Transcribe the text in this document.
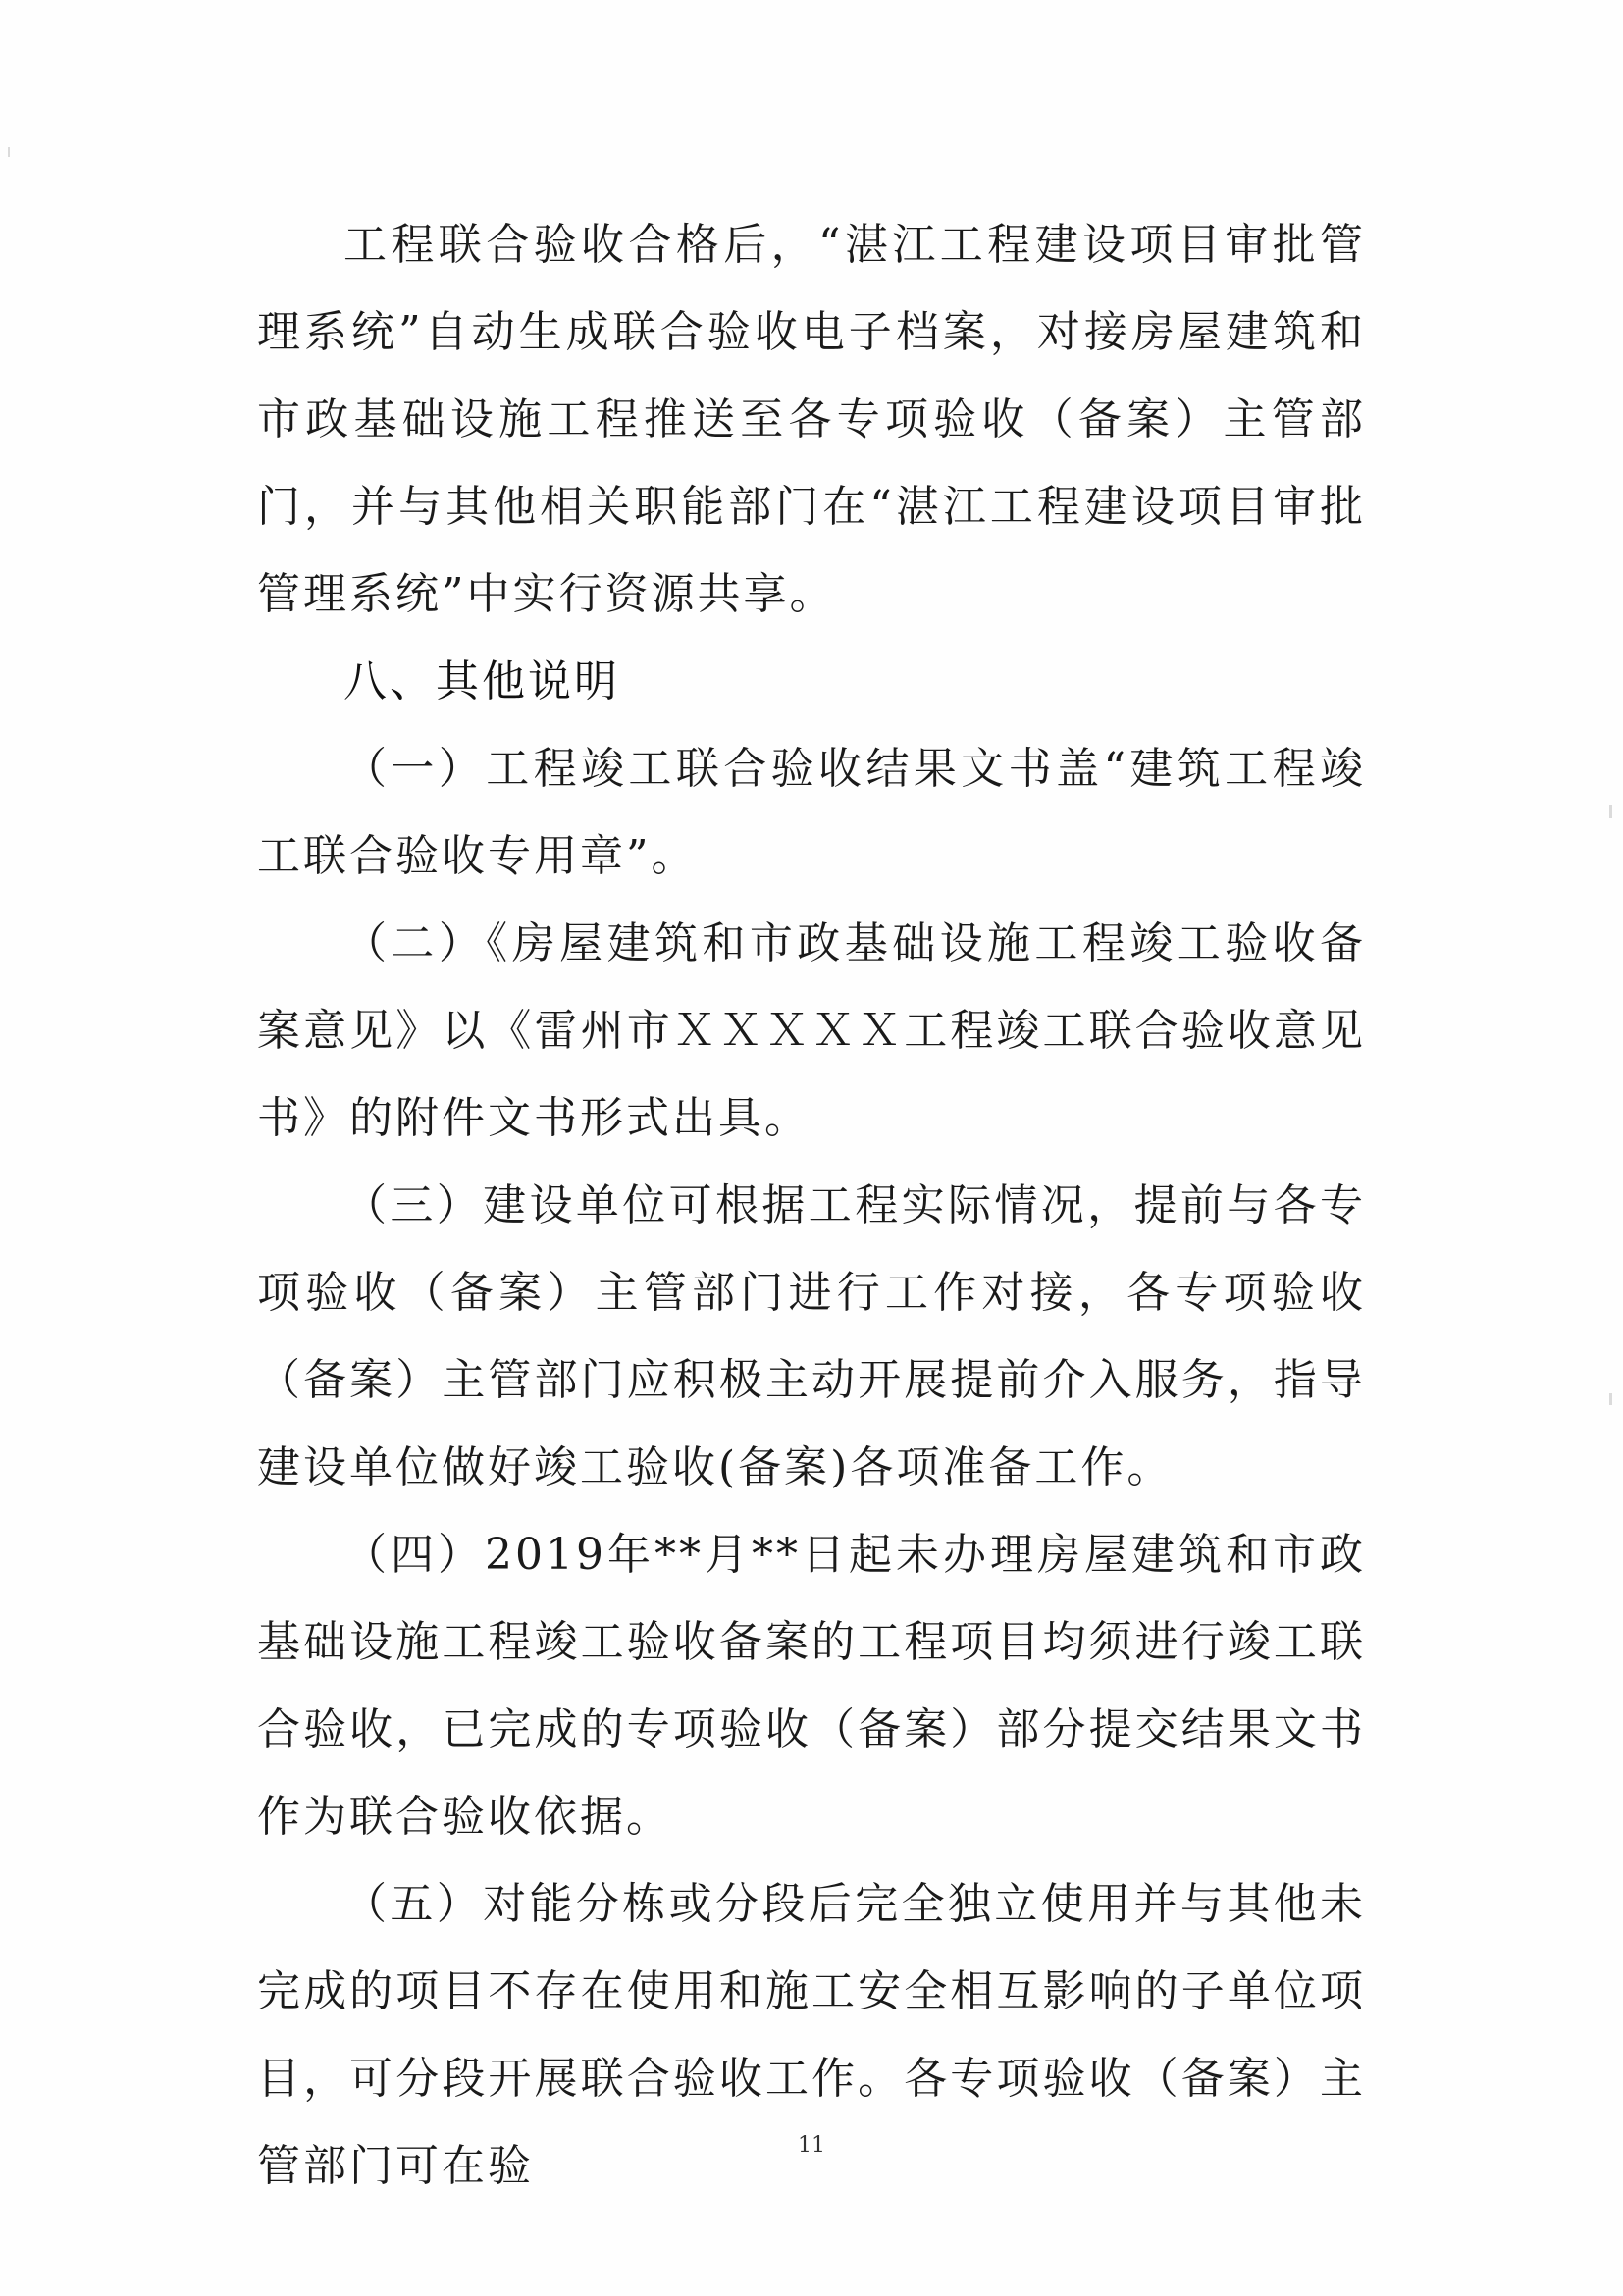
工程联合验收合格后，“湛江工程建设项目审批管理系统”自动生成联合验收电子档案，对接房屋建筑和市政基础设施工程推送至各专项验收（备案）主管部门，并与其他相关职能部门在“湛江工程建设项目审批管理系统”中实行资源共享。

八、其他说明

（一）工程竣工联合验收结果文书盖“建筑工程竣工联合验收专用章”。

（二）《房屋建筑和市政基础设施工程竣工验收备案意见》以《雷州市ＸＸＸＸＸ工程竣工联合验收意见书》的附件文书形式出具。

（三）建设单位可根据工程实际情况，提前与各专项验收（备案）主管部门进行工作对接，各专项验收（备案）主管部门应积极主动开展提前介入服务，指导建设单位做好竣工验收(备案)各项准备工作。

（四）2019年**月**日起未办理房屋建筑和市政基础设施工程竣工验收备案的工程项目均须进行竣工联合验收，已完成的专项验收（备案）部分提交结果文书作为联合验收依据。

（五）对能分栋或分段后完全独立使用并与其他未完成的项目不存在使用和施工安全相互影响的子单位项目，可分段开展联合验收工作。各专项验收（备案）主管部门可在验	11
